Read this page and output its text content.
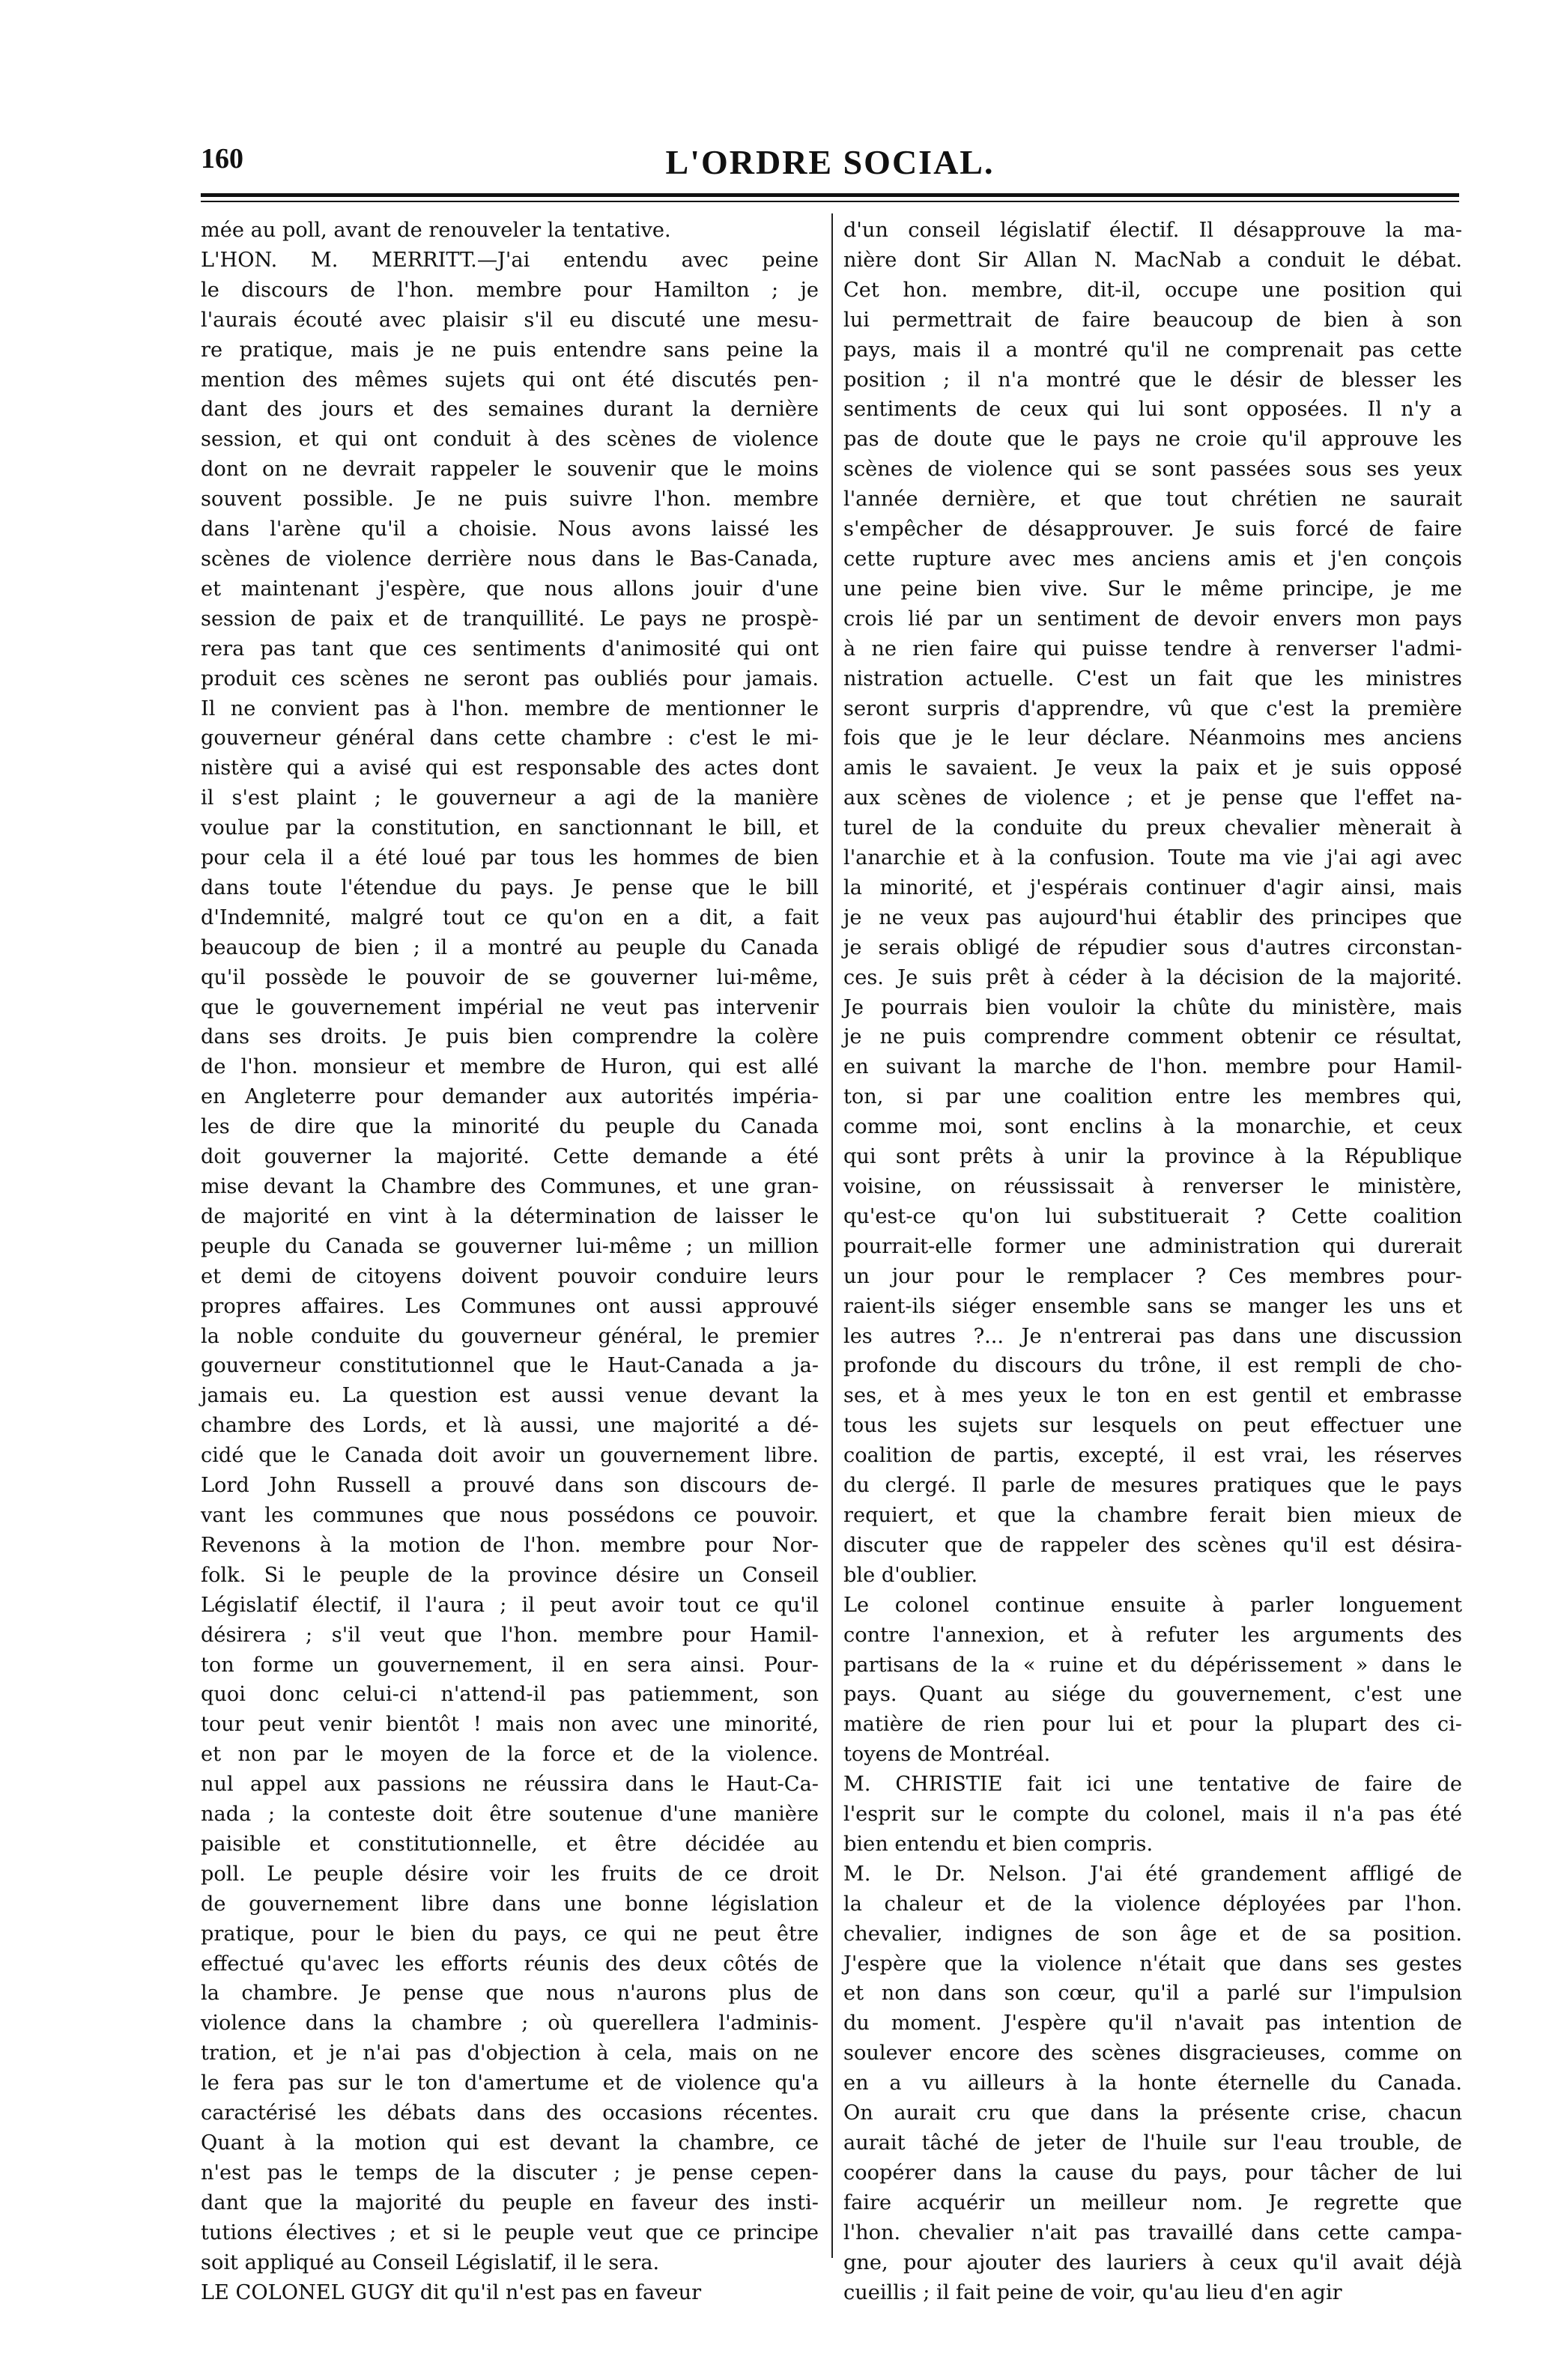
160	L'ORDRE SOCIAL.
mée au poll, avant de renouveler la tentative.
L'HON. M. MERRITT.—J'ai entendu avec peine
le discours de l'hon. membre pour Hamilton ; je
l'aurais écouté avec plaisir s'il eu discuté une mesu-
re pratique, mais je ne puis entendre sans peine la
mention des mêmes sujets qui ont été discutés pen-
dant des jours et des semaines durant la dernière
session, et qui ont conduit à des scènes de violence
dont on ne devrait rappeler le souvenir que le moins
souvent possible. Je ne puis suivre l'hon. membre
dans l'arène qu'il a choisie. Nous avons laissé les
scènes de violence derrière nous dans le Bas-Canada,
et maintenant j'espère, que nous allons jouir d'une
session de paix et de tranquillité. Le pays ne prospè-
rera pas tant que ces sentiments d'animosité qui ont
produit ces scènes ne seront pas oubliés pour jamais.
Il ne convient pas à l'hon. membre de mentionner le
gouverneur général dans cette chambre : c'est le mi-
nistère qui a avisé qui est responsable des actes dont
il s'est plaint ; le gouverneur a agi de la manière
voulue par la constitution, en sanctionnant le bill, et
pour cela il a été loué par tous les hommes de bien
dans toute l'étendue du pays. Je pense que le bill
d'Indemnité, malgré tout ce qu'on en a dit, a fait
beaucoup de bien ; il a montré au peuple du Canada
qu'il possède le pouvoir de se gouverner lui-même,
que le gouvernement impérial ne veut pas intervenir
dans ses droits. Je puis bien comprendre la colère
de l'hon. monsieur et membre de Huron, qui est allé
en Angleterre pour demander aux autorités impéria-
les de dire que la minorité du peuple du Canada
doit gouverner la majorité. Cette demande a été
mise devant la Chambre des Communes, et une gran-
de majorité en vint à la détermination de laisser le
peuple du Canada se gouverner lui-même ; un million
et demi de citoyens doivent pouvoir conduire leurs
propres affaires. Les Communes ont aussi approuvé
la noble conduite du gouverneur général, le premier
gouverneur constitutionnel que le Haut-Canada a ja-
jamais eu. La question est aussi venue devant la
chambre des Lords, et là aussi, une majorité a dé-
cidé que le Canada doit avoir un gouvernement libre.
Lord John Russell a prouvé dans son discours de-
vant les communes que nous possédons ce pouvoir.
Revenons à la motion de l'hon. membre pour Nor-
folk. Si le peuple de la province désire un Conseil
Législatif électif, il l'aura ; il peut avoir tout ce qu'il
désirera ; s'il veut que l'hon. membre pour Hamil-
ton forme un gouvernement, il en sera ainsi. Pour-
quoi donc celui-ci n'attend-il pas patiemment, son
tour peut venir bientôt ! mais non avec une minorité,
et non par le moyen de la force et de la violence.
nul appel aux passions ne réussira dans le Haut-Ca-
nada ; la conteste doit être soutenue d'une manière
paisible et constitutionnelle, et être décidée au
poll. Le peuple désire voir les fruits de ce droit
de gouvernement libre dans une bonne législation
pratique, pour le bien du pays, ce qui ne peut être
effectué qu'avec les efforts réunis des deux côtés de
la chambre. Je pense que nous n'aurons plus de
violence dans la chambre ; où querellera l'adminis-
tration, et je n'ai pas d'objection à cela, mais on ne
le fera pas sur le ton d'amertume et de violence qu'a
caractérisé les débats dans des occasions récentes.
Quant à la motion qui est devant la chambre, ce
n'est pas le temps de la discuter ; je pense cepen-
dant que la majorité du peuple en faveur des insti-
tutions électives ; et si le peuple veut que ce principe
soit appliqué au Conseil Législatif, il le sera.
LE COLONEL GUGY dit qu'il n'est pas en faveur
d'un conseil législatif électif. Il désapprouve la ma-
nière dont Sir Allan N. MacNab a conduit le débat.
Cet hon. membre, dit-il, occupe une position qui
lui permettrait de faire beaucoup de bien à son
pays, mais il a montré qu'il ne comprenait pas cette
position ; il n'a montré que le désir de blesser les
sentiments de ceux qui lui sont opposées. Il n'y a
pas de doute que le pays ne croie qu'il approuve les
scènes de violence qui se sont passées sous ses yeux
l'année dernière, et que tout chrétien ne saurait
s'empêcher de désapprouver. Je suis forcé de faire
cette rupture avec mes anciens amis et j'en conçois
une peine bien vive. Sur le même principe, je me
crois lié par un sentiment de devoir envers mon pays
à ne rien faire qui puisse tendre à renverser l'admi-
nistration actuelle. C'est un fait que les ministres
seront surpris d'apprendre, vû que c'est la première
fois que je le leur déclare. Néanmoins mes anciens
amis le savaient. Je veux la paix et je suis opposé
aux scènes de violence ; et je pense que l'effet na-
turel de la conduite du preux chevalier mènerait à
l'anarchie et à la confusion. Toute ma vie j'ai agi avec
la minorité, et j'espérais continuer d'agir ainsi, mais
je ne veux pas aujourd'hui établir des principes que
je serais obligé de répudier sous d'autres circonstan-
ces. Je suis prêt à céder à la décision de la majorité.
Je pourrais bien vouloir la chûte du ministère, mais
je ne puis comprendre comment obtenir ce résultat,
en suivant la marche de l'hon. membre pour Hamil-
ton, si par une coalition entre les membres qui,
comme moi, sont enclins à la monarchie, et ceux
qui sont prêts à unir la province à la République
voisine, on réussissait à renverser le ministère,
qu'est-ce qu'on lui substituerait ? Cette coalition
pourrait-elle former une administration qui durerait
un jour pour le remplacer ? Ces membres pour-
raient-ils siéger ensemble sans se manger les uns et
les autres ?... Je n'entrerai pas dans une discussion
profonde du discours du trône, il est rempli de cho-
ses, et à mes yeux le ton en est gentil et embrasse
tous les sujets sur lesquels on peut effectuer une
coalition de partis, excepté, il est vrai, les réserves
du clergé. Il parle de mesures pratiques que le pays
requiert, et que la chambre ferait bien mieux de
discuter que de rappeler des scènes qu'il est désira-
ble d'oublier.
Le colonel continue ensuite à parler longuement
contre l'annexion, et à refuter les arguments des
partisans de la « ruine et du dépérissement » dans le
pays. Quant au siége du gouvernement, c'est une
matière de rien pour lui et pour la plupart des ci-
toyens de Montréal.
M. CHRISTIE fait ici une tentative de faire de
l'esprit sur le compte du colonel, mais il n'a pas été
bien entendu et bien compris.
M. le Dr. Nelson. J'ai été grandement affligé de
la chaleur et de la violence déployées par l'hon.
chevalier, indignes de son âge et de sa position.
J'espère que la violence n'était que dans ses gestes
et non dans son cœur, qu'il a parlé sur l'impulsion
du moment. J'espère qu'il n'avait pas intention de
soulever encore des scènes disgracieuses, comme on
en a vu ailleurs à la honte éternelle du Canada.
On aurait cru que dans la présente crise, chacun
aurait tâché de jeter de l'huile sur l'eau trouble, de
coopérer dans la cause du pays, pour tâcher de lui
faire acquérir un meilleur nom. Je regrette que
l'hon. chevalier n'ait pas travaillé dans cette campa-
gne, pour ajouter des lauriers à ceux qu'il avait déjà
cueillis ; il fait peine de voir, qu'au lieu d'en agir
